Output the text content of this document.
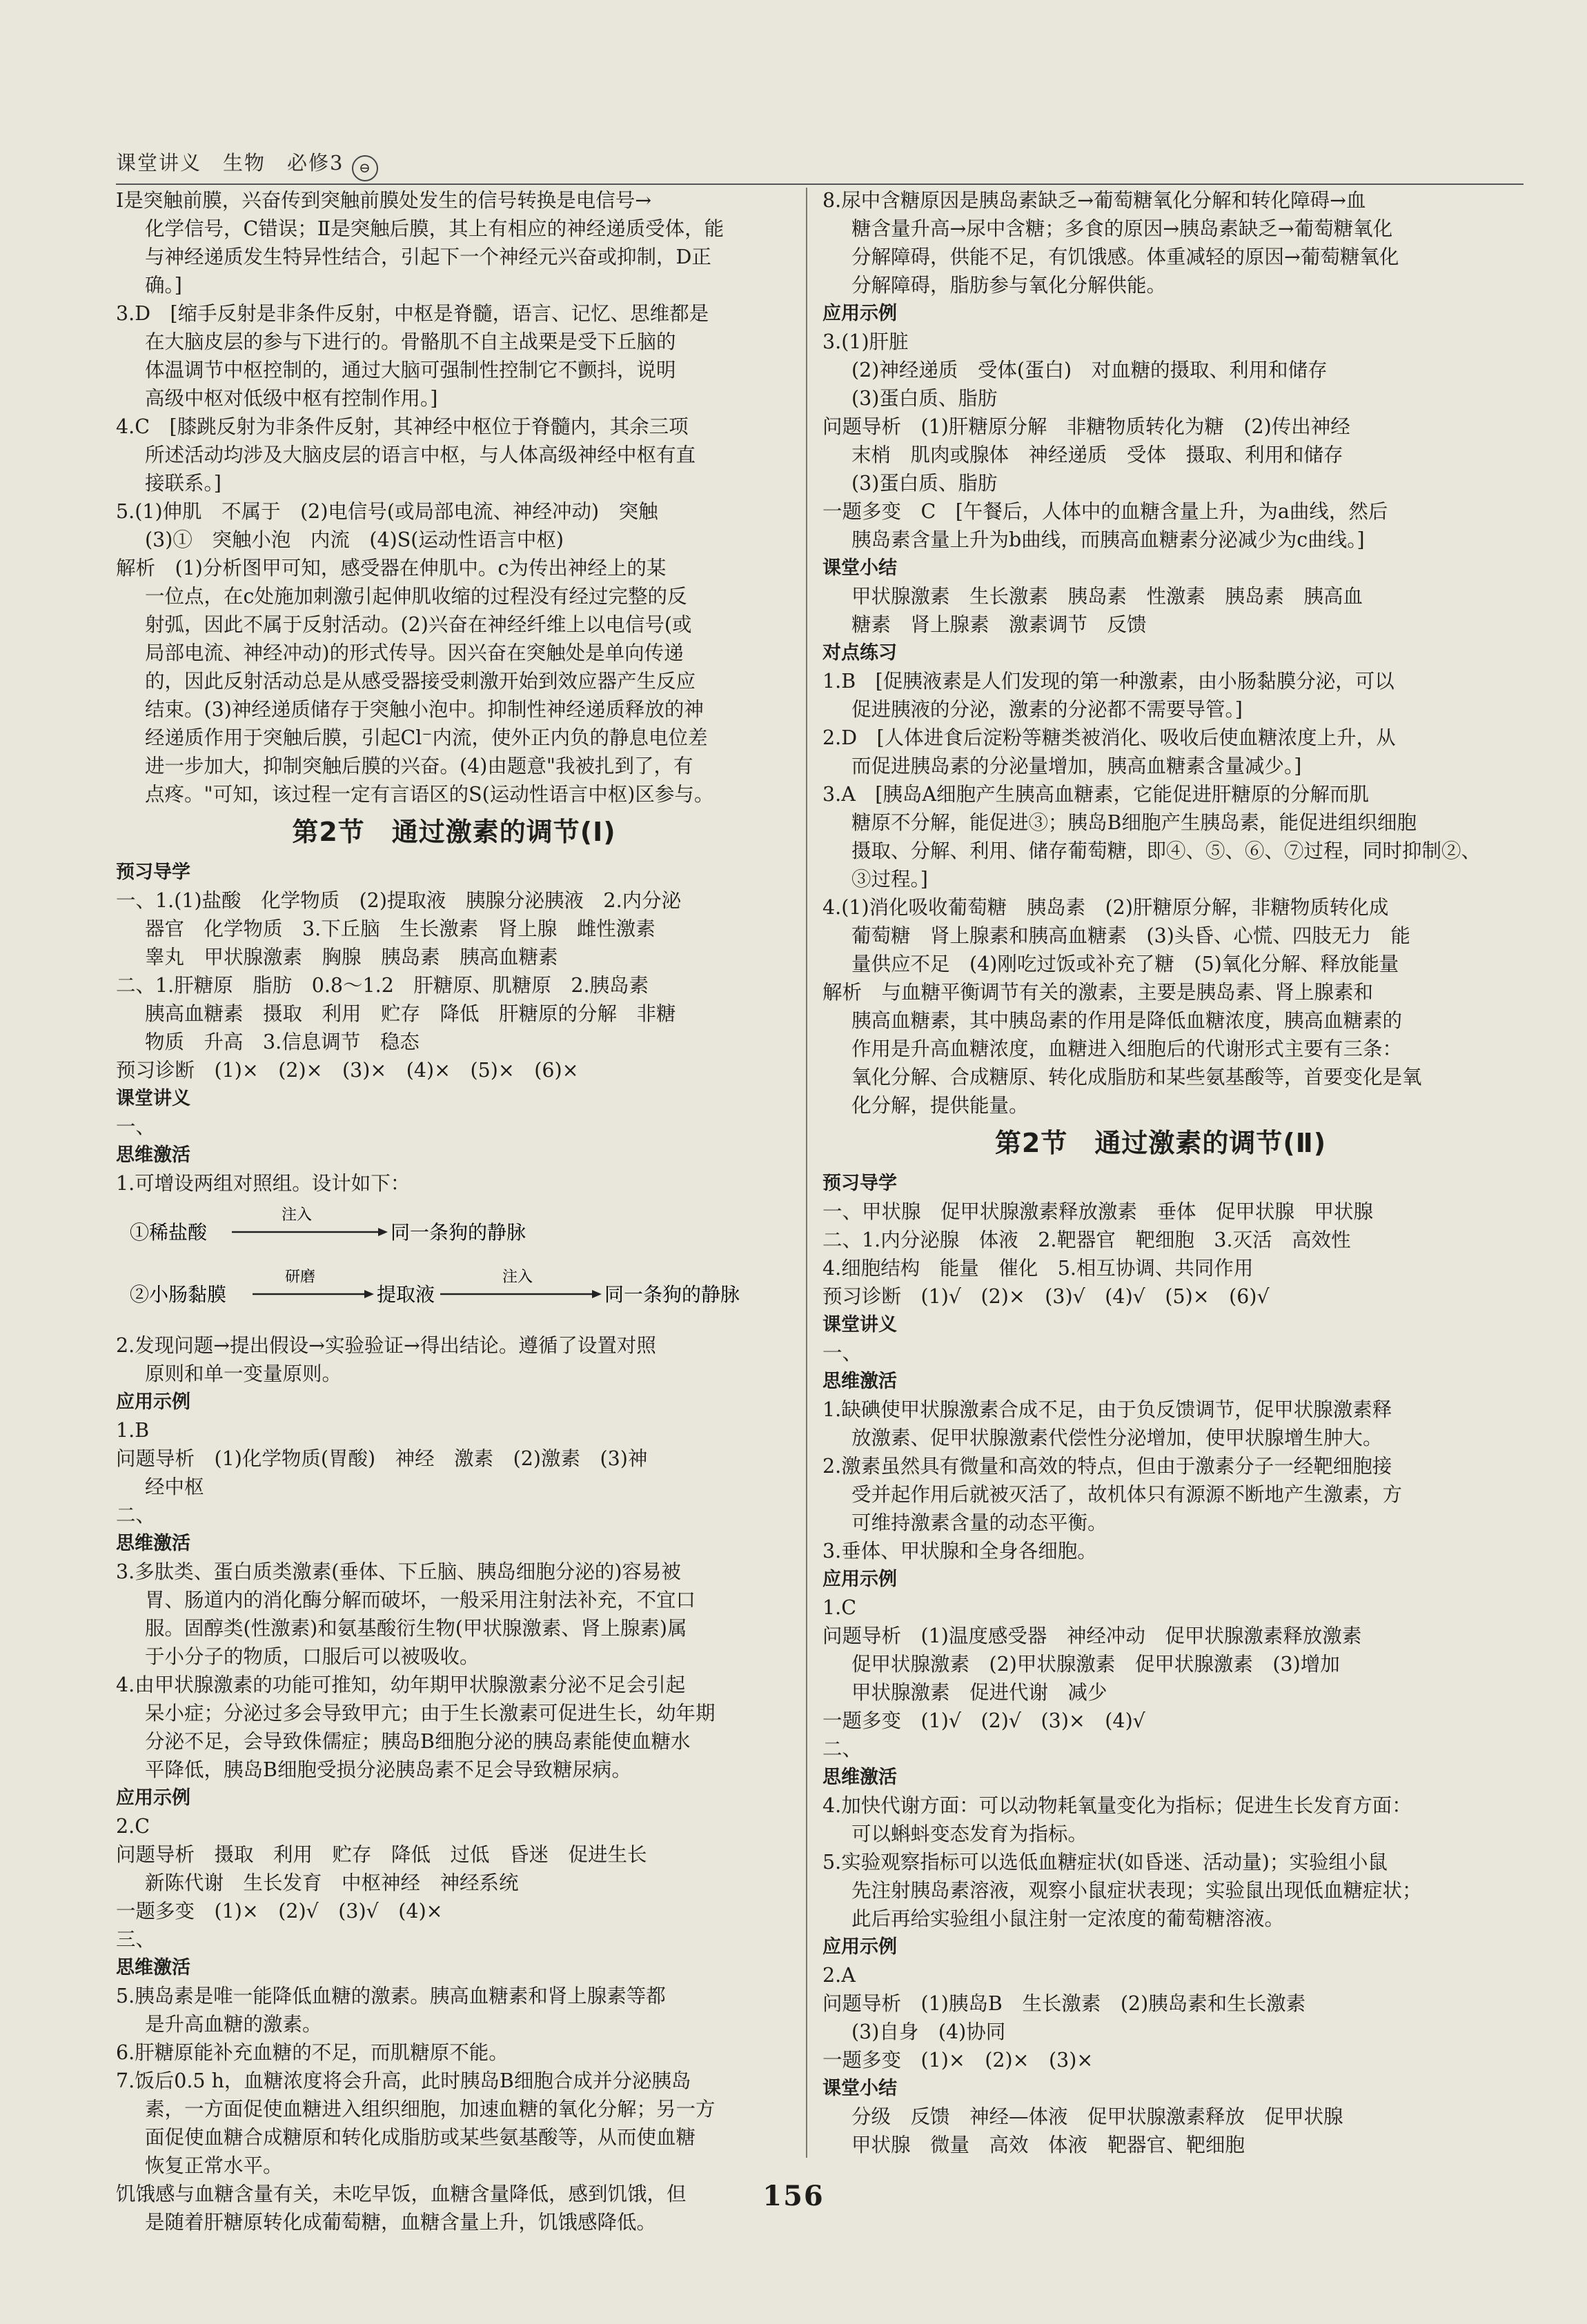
课堂讲义　生物　必修3 ⊖

Ⅰ是突触前膜，兴奋传到突触前膜处发生的信号转换是电信号→

化学信号，C错误；Ⅱ是突触后膜，其上有相应的神经递质受体，能

与神经递质发生特异性结合，引起下一个神经元兴奋或抑制，D正

确。]

3.D　[缩手反射是非条件反射，中枢是脊髓，语言、记忆、思维都是

在大脑皮层的参与下进行的。骨骼肌不自主战栗是受下丘脑的

体温调节中枢控制的，通过大脑可强制性控制它不颤抖，说明

高级中枢对低级中枢有控制作用。]

4.C　[膝跳反射为非条件反射，其神经中枢位于脊髓内，其余三项

所述活动均涉及大脑皮层的语言中枢，与人体高级神经中枢有直

接联系。]

5.(1)伸肌　不属于　(2)电信号(或局部电流、神经冲动)　突触

(3)①　突触小泡　内流　(4)S(运动性语言中枢)

解析　(1)分析图甲可知，感受器在伸肌中。c为传出神经上的某

一位点，在c处施加刺激引起伸肌收缩的过程没有经过完整的反

射弧，因此不属于反射活动。(2)兴奋在神经纤维上以电信号(或

局部电流、神经冲动)的形式传导。因兴奋在突触处是单向传递

的，因此反射活动总是从感受器接受刺激开始到效应器产生反应

结束。(3)神经递质储存于突触小泡中。抑制性神经递质释放的神

经递质作用于突触后膜，引起Cl⁻内流，使外正内负的静息电位差

进一步加大，抑制突触后膜的兴奋。(4)由题意"我被扎到了，有

点疼。"可知，该过程一定有言语区的S(运动性语言中枢)区参与。

第2节　通过激素的调节(Ⅰ)

预习导学

一、1.(1)盐酸　化学物质　(2)提取液　胰腺分泌胰液　2.内分泌

器官　化学物质　3.下丘脑　生长激素　肾上腺　雌性激素

睾丸　甲状腺激素　胸腺　胰岛素　胰高血糖素

二、1.肝糖原　脂肪　0.8～1.2　肝糖原、肌糖原　2.胰岛素

胰高血糖素　摄取　利用　贮存　降低　肝糖原的分解　非糖

物质　升高　3.信息调节　稳态

预习诊断　(1)×　(2)×　(3)×　(4)×　(5)×　(6)×

课堂讲义

一、

思维激活

1.可增设两组对照组。设计如下：

①稀盐酸
注入
同一条狗的静脉
②小肠黏膜
研磨
提取液
注入
同一条狗的静脉

2.发现问题→提出假设→实验验证→得出结论。遵循了设置对照

原则和单一变量原则。

应用示例

1.B

问题导析　(1)化学物质(胃酸)　神经　激素　(2)激素　(3)神

经中枢

二、

思维激活

3.多肽类、蛋白质类激素(垂体、下丘脑、胰岛细胞分泌的)容易被

胃、肠道内的消化酶分解而破坏，一般采用注射法补充，不宜口

服。固醇类(性激素)和氨基酸衍生物(甲状腺激素、肾上腺素)属

于小分子的物质，口服后可以被吸收。

4.由甲状腺激素的功能可推知，幼年期甲状腺激素分泌不足会引起

呆小症；分泌过多会导致甲亢；由于生长激素可促进生长，幼年期

分泌不足，会导致侏儒症；胰岛B细胞分泌的胰岛素能使血糖水

平降低，胰岛B细胞受损分泌胰岛素不足会导致糖尿病。

应用示例

2.C

问题导析　摄取　利用　贮存　降低　过低　昏迷　促进生长

新陈代谢　生长发育　中枢神经　神经系统

一题多变　(1)×　(2)√　(3)√　(4)×

三、

思维激活

5.胰岛素是唯一能降低血糖的激素。胰高血糖素和肾上腺素等都

是升高血糖的激素。

6.肝糖原能补充血糖的不足，而肌糖原不能。

7.饭后0.5 h，血糖浓度将会升高，此时胰岛B细胞合成并分泌胰岛

素，一方面促使血糖进入组织细胞，加速血糖的氧化分解；另一方

面促使血糖合成糖原和转化成脂肪或某些氨基酸等，从而使血糖

恢复正常水平。

饥饿感与血糖含量有关，未吃早饭，血糖含量降低，感到饥饿，但

是随着肝糖原转化成葡萄糖，血糖含量上升，饥饿感降低。

8.尿中含糖原因是胰岛素缺乏→葡萄糖氧化分解和转化障碍→血

糖含量升高→尿中含糖；多食的原因→胰岛素缺乏→葡萄糖氧化

分解障碍，供能不足，有饥饿感。体重减轻的原因→葡萄糖氧化

分解障碍，脂肪参与氧化分解供能。

应用示例

3.(1)肝脏

(2)神经递质　受体(蛋白)　对血糖的摄取、利用和储存

(3)蛋白质、脂肪

问题导析　(1)肝糖原分解　非糖物质转化为糖　(2)传出神经

末梢　肌肉或腺体　神经递质　受体　摄取、利用和储存

(3)蛋白质、脂肪

一题多变　C　[午餐后，人体中的血糖含量上升，为a曲线，然后

胰岛素含量上升为b曲线，而胰高血糖素分泌减少为c曲线。]

课堂小结

甲状腺激素　生长激素　胰岛素　性激素　胰岛素　胰高血

糖素　肾上腺素　激素调节　反馈

对点练习

1.B　[促胰液素是人们发现的第一种激素，由小肠黏膜分泌，可以

促进胰液的分泌，激素的分泌都不需要导管。]

2.D　[人体进食后淀粉等糖类被消化、吸收后使血糖浓度上升，从

而促进胰岛素的分泌量增加，胰高血糖素含量减少。]

3.A　[胰岛A细胞产生胰高血糖素，它能促进肝糖原的分解而肌

糖原不分解，能促进③；胰岛B细胞产生胰岛素，能促进组织细胞

摄取、分解、利用、储存葡萄糖，即④、⑤、⑥、⑦过程，同时抑制②、

③过程。]

4.(1)消化吸收葡萄糖　胰岛素　(2)肝糖原分解，非糖物质转化成

葡萄糖　肾上腺素和胰高血糖素　(3)头昏、心慌、四肢无力　能

量供应不足　(4)刚吃过饭或补充了糖　(5)氧化分解、释放能量

解析　与血糖平衡调节有关的激素，主要是胰岛素、肾上腺素和

胰高血糖素，其中胰岛素的作用是降低血糖浓度，胰高血糖素的

作用是升高血糖浓度，血糖进入细胞后的代谢形式主要有三条：

氧化分解、合成糖原、转化成脂肪和某些氨基酸等，首要变化是氧

化分解，提供能量。

第2节　通过激素的调节(Ⅱ)

预习导学

一、甲状腺　促甲状腺激素释放激素　垂体　促甲状腺　甲状腺

二、1.内分泌腺　体液　2.靶器官　靶细胞　3.灭活　高效性

4.细胞结构　能量　催化　5.相互协调、共同作用

预习诊断　(1)√　(2)×　(3)√　(4)√　(5)×　(6)√

课堂讲义

一、

思维激活

1.缺碘使甲状腺激素合成不足，由于负反馈调节，促甲状腺激素释

放激素、促甲状腺激素代偿性分泌增加，使甲状腺增生肿大。

2.激素虽然具有微量和高效的特点，但由于激素分子一经靶细胞接

受并起作用后就被灭活了，故机体只有源源不断地产生激素，方

可维持激素含量的动态平衡。

3.垂体、甲状腺和全身各细胞。

应用示例

1.C

问题导析　(1)温度感受器　神经冲动　促甲状腺激素释放激素

促甲状腺激素　(2)甲状腺激素　促甲状腺激素　(3)增加

甲状腺激素　促进代谢　减少

一题多变　(1)√　(2)√　(3)×　(4)√

二、

思维激活

4.加快代谢方面：可以动物耗氧量变化为指标；促进生长发育方面：

可以蝌蚪变态发育为指标。

5.实验观察指标可以选低血糖症状(如昏迷、活动量)；实验组小鼠

先注射胰岛素溶液，观察小鼠症状表现；实验鼠出现低血糖症状；

此后再给实验组小鼠注射一定浓度的葡萄糖溶液。

应用示例

2.A

问题导析　(1)胰岛B　生长激素　(2)胰岛素和生长激素

(3)自身　(4)协同

一题多变　(1)×　(2)×　(3)×

课堂小结

分级　反馈　神经—体液　促甲状腺激素释放　促甲状腺

甲状腺　微量　高效　体液　靶器官、靶细胞

156
